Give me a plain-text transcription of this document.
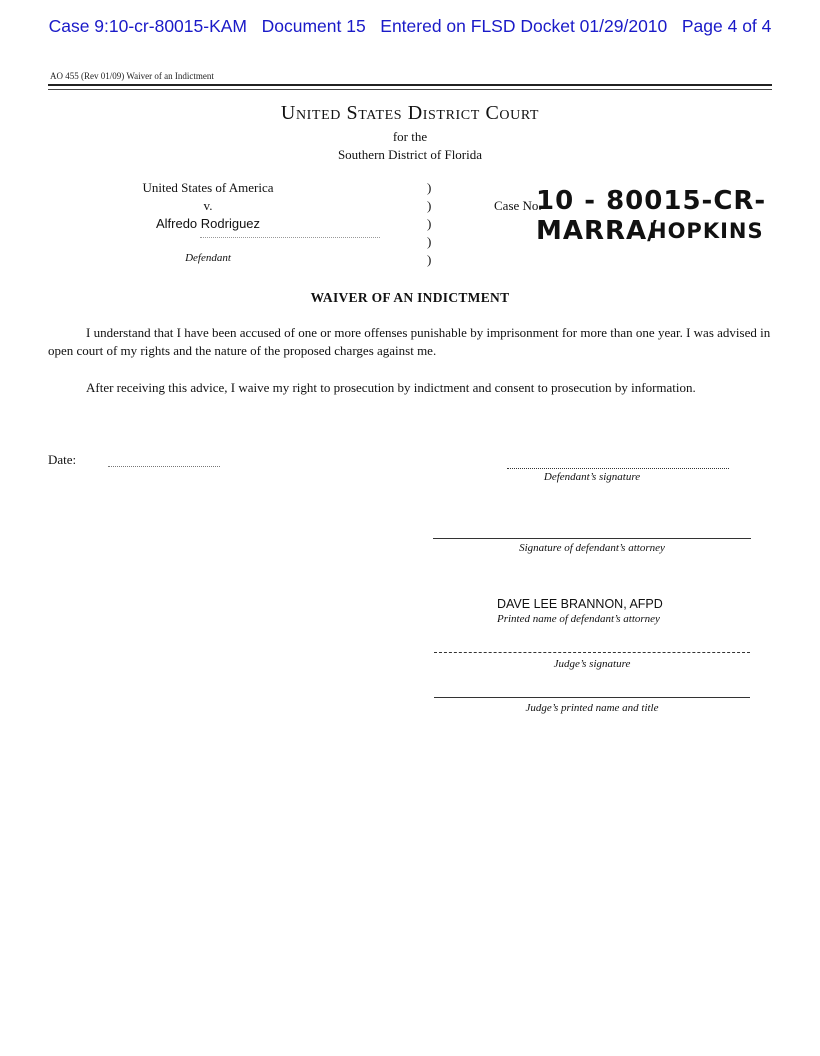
Case 9:10-cr-80015-KAM Document 15 Entered on FLSD Docket 01/29/2010 Page 4 of 4
AO 455 (Rev 01/09) Waiver of an Indictment
United States District Court
for the
Southern District of Florida
United States of America
v.
Alfredo Rodriguez
Defendant
)
)
)
)
)
Case No.
10 - 80015-CR- MARRA/
HOPKINS
WAIVER OF AN INDICTMENT
I understand that I have been accused of one or more offenses punishable by imprisonment for more than one year. I was advised in open court of my rights and the nature of the proposed charges against me.
After receiving this advice, I waive my right to prosecution by indictment and consent to prosecution by information.
Date:
Defendant’s signature
Signature of defendant’s attorney
DAVE LEE BRANNON, AFPD
Printed name of defendant’s attorney
Judge’s signature
Judge’s printed name and title
